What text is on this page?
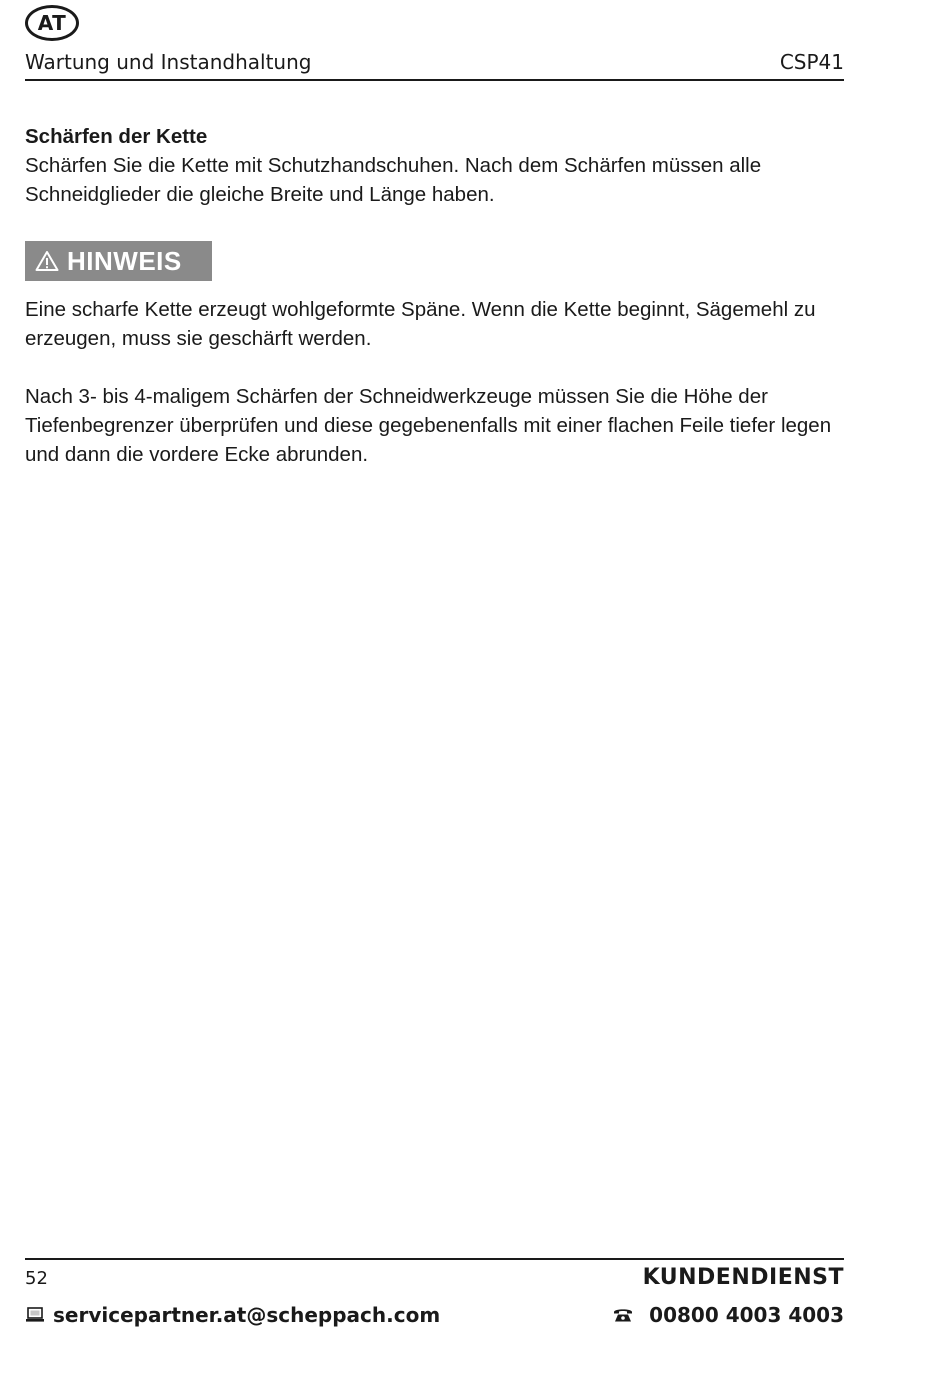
AT
Wartung und Instandhaltung	CSP41

Schärfen der Kette

Schärfen Sie die Kette mit Schutzhandschuhen. Nach dem Schärfen müssen alle Schneidglieder die gleiche Breite und Länge haben.

HINWEIS

Eine scharfe Kette erzeugt wohlgeformte Späne. Wenn die Kette beginnt, Sägemehl zu erzeugen, muss sie geschärft werden.

Nach 3- bis 4-maligem Schärfen der Schneidwerkzeuge müssen Sie die Höhe der Tiefenbegrenzer überprüfen und diese gegebenenfalls mit einer flachen Feile tiefer legen und dann die vordere Ecke abrunden.

52	KUNDENDIENST
servicepartner.at@scheppach.com	00800 4003 4003
